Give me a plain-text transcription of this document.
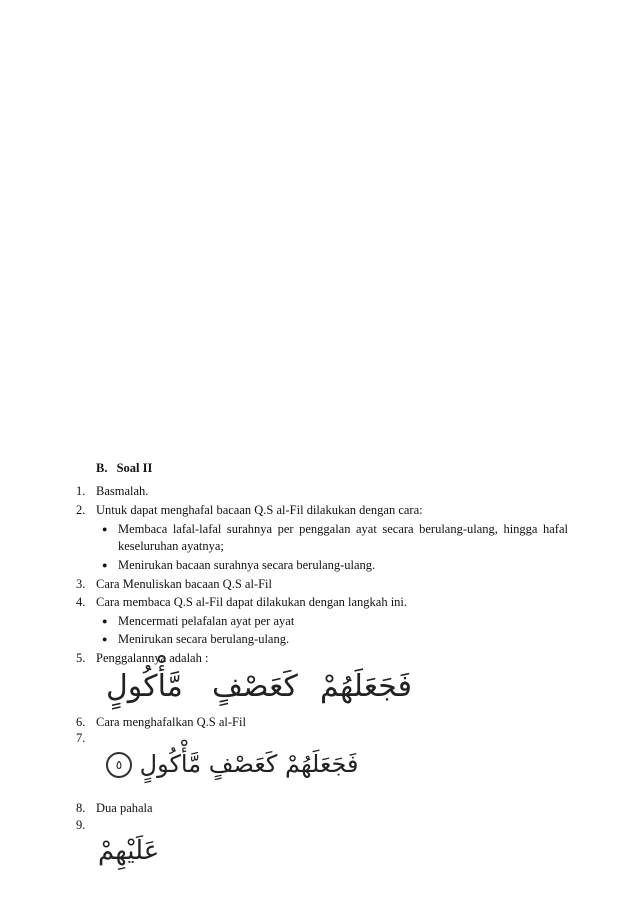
B. Soal II
1. Basmalah.
2. Untuk dapat menghafal bacaan Q.S al-Fil dilakukan dengan cara:
● Membaca lafal-lafal surahnya per penggalan ayat secara berulang-ulang, hingga hafal
keseluruhan ayatnya;
● Menirukan bacaan surahnya secara berulang-ulang.
3. Cara Menuliskan bacaan Q.S al-Fil
4. Cara membaca Q.S al-Fil dapat dilakukan dengan langkah ini.
● Mencermati pelafalan ayat per ayat
● Menirukan secara berulang-ulang.
5. Penggalannya adalah :
فَجَعَلَهُمْ
كَعَصْفٍ
مَّأْكُولٍ
6. Cara menghafalkan Q.S al-Fil
7.
فَجَعَلَهُمْ كَعَصْفٍ مَّأْكُولٍ ٥
8. Dua pahala
9.
عَلَيْهِمْ
